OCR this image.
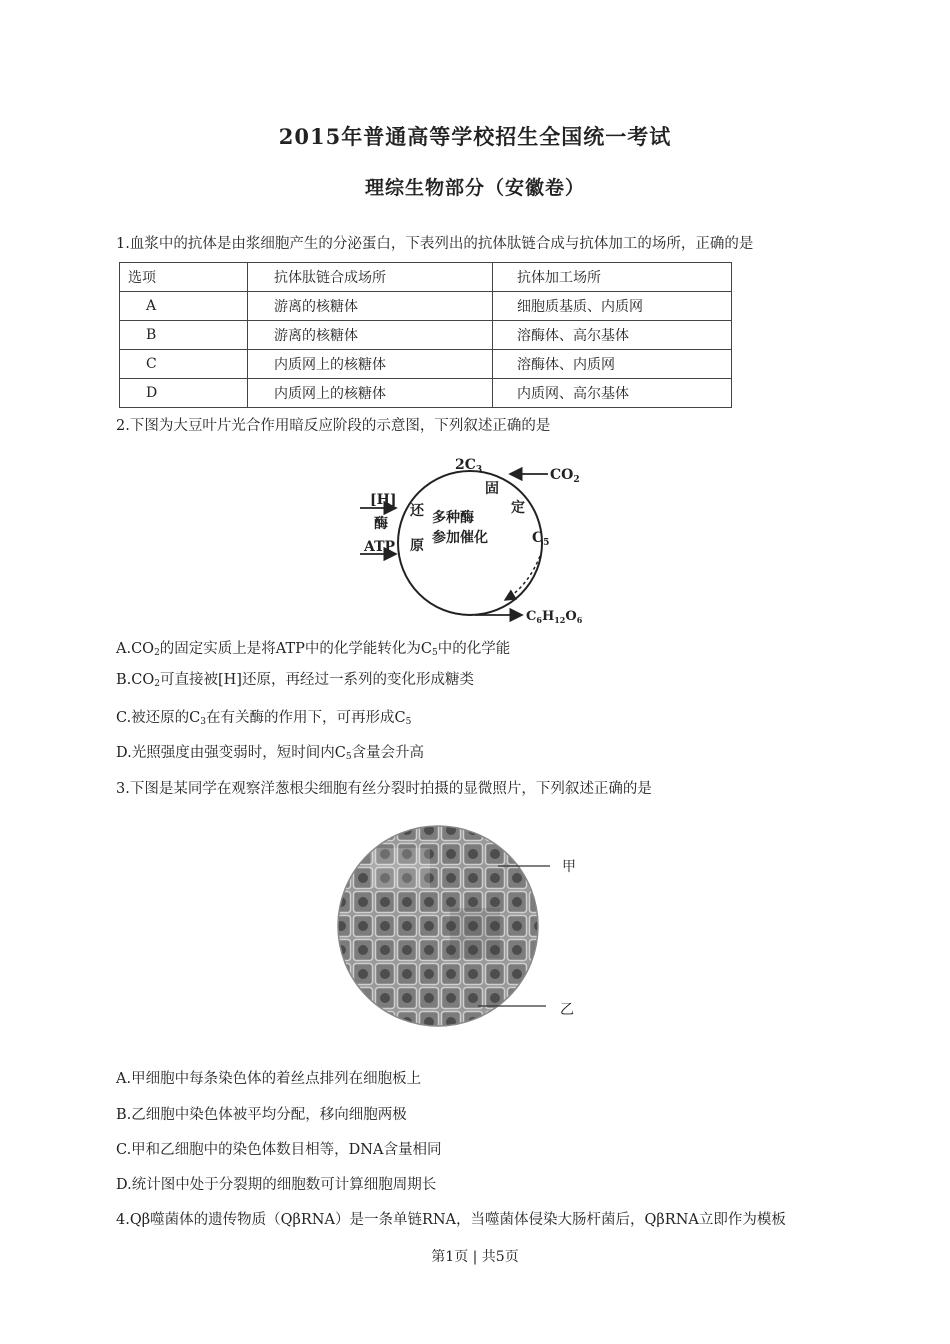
2015年普通高等学校招生全国统一考试
理综生物部分（安徽卷）
1.血浆中的抗体是由浆细胞产生的分泌蛋白，下表列出的抗体肽链合成与抗体加工的场所，正确的是
选项	抗体肽链合成场所	抗体加工场所
A	游离的核糖体	细胞质基质、内质网
B	游离的核糖体	溶酶体、高尔基体
C	内质网上的核糖体	溶酶体、内质网
D	内质网上的核糖体	内质网、高尔基体
2.下图为大豆叶片光合作用暗反应阶段的示意图，下列叙述正确的是
$2C_3$	$CO_2$
固
定
[H]
酶
ATP
还
原
多种酶
参加催化	$C_5$
$C_6H_{12}O_6$
$A.CO_2$的固定实质上是将ATP中的化学能转化为$C_5$中的化学能
$B.CO_2$可直接被[H]还原，再经过一系列的变化形成糖类
C.被还原的$C_3$在有关酶的作用下，可再形成$C_5$
D.光照强度由强变弱时，短时间内$C_5$含量会升高
3.下图是某同学在观察洋葱根尖细胞有丝分裂时拍摄的显微照片，下列叙述正确的是
甲
乙
A.甲细胞中每条染色体的着丝点排列在细胞板上
B.乙细胞中染色体被平均分配，移向细胞两极
C.甲和乙细胞中的染色体数目相等，DNA含量相同
D.统计图中处于分裂期的细胞数可计算细胞周期长
4.Qβ噬菌体的遗传物质（QβRNA）是一条单链RNA，当噬菌体侵染大肠杆菌后，QβRNA立即作为模板
第1页 | 共5页
